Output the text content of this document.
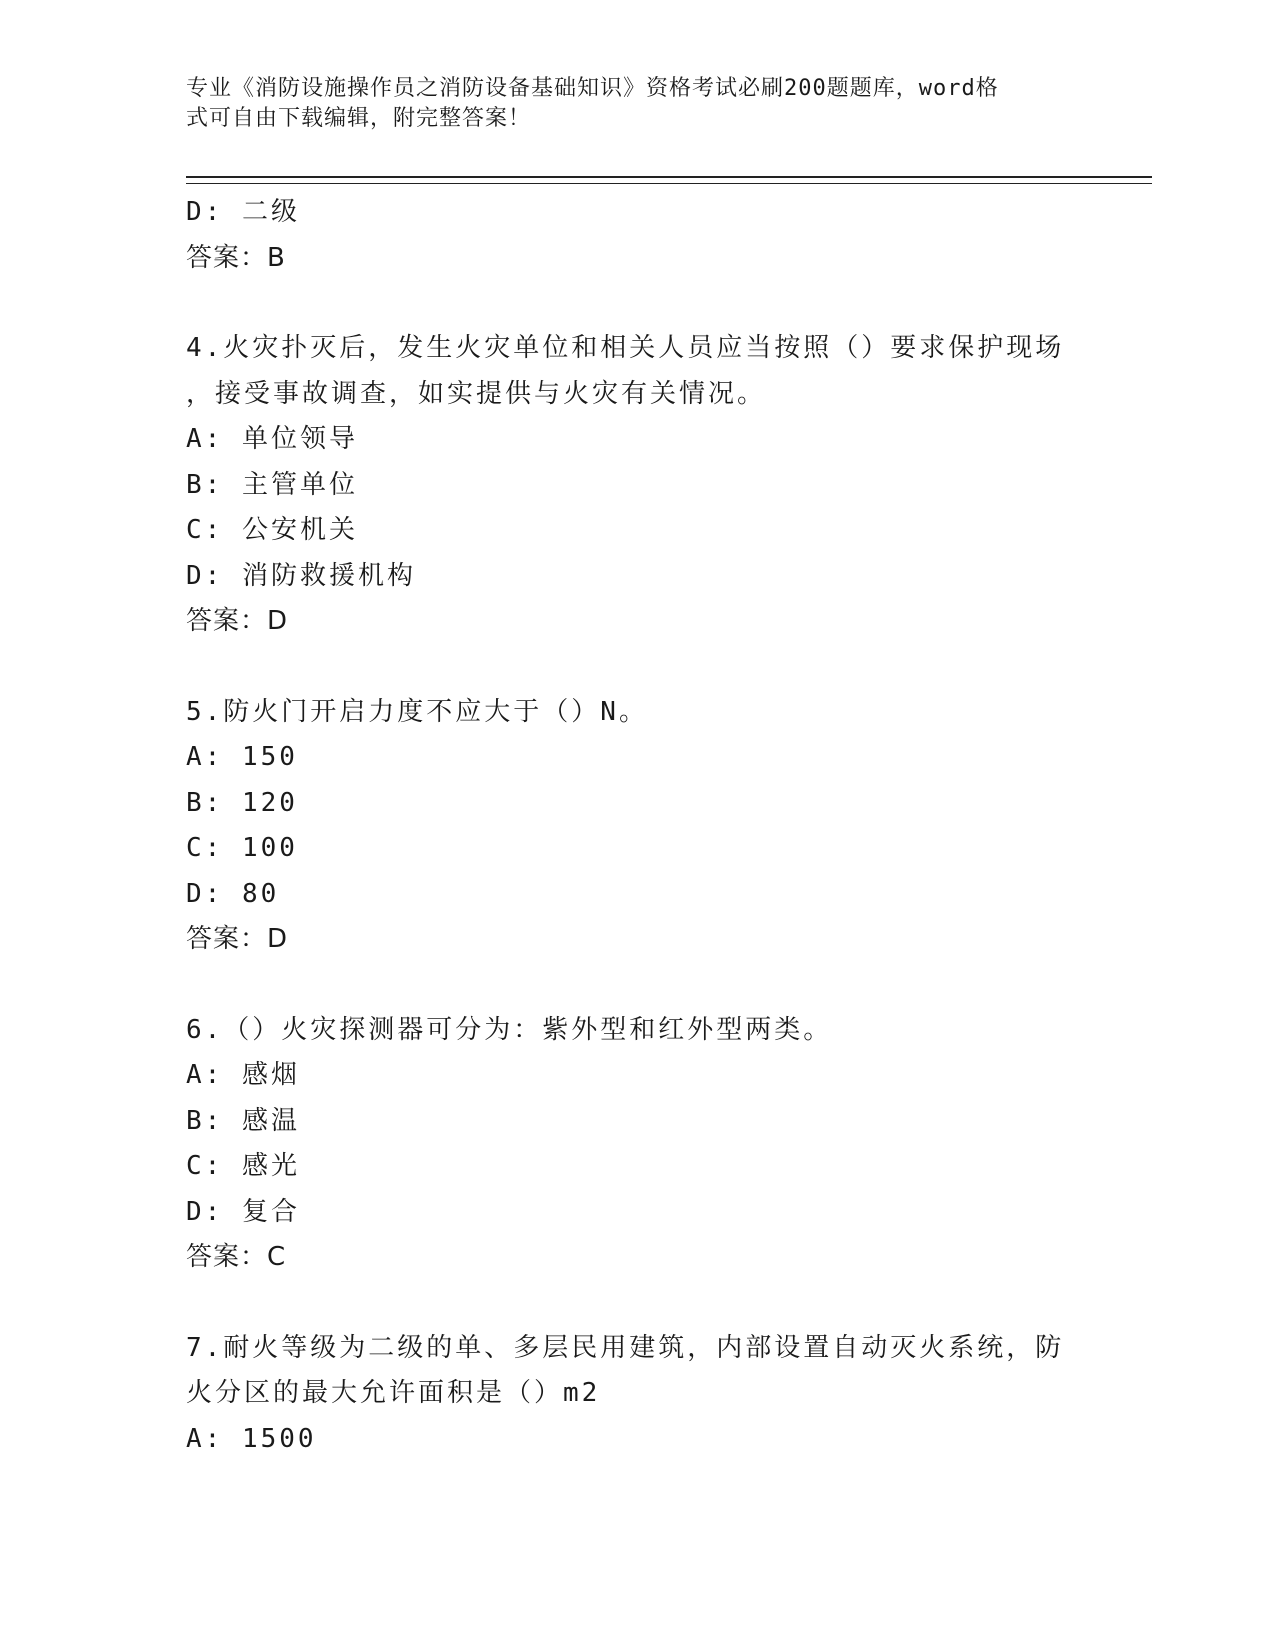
专业《消防设施操作员之消防设备基础知识》资格考试必刷200题题库，word格
式可自由下载编辑，附完整答案！
D: 二级
答案：B
4.火灾扑灭后，发生火灾单位和相关人员应当按照（）要求保护现场
，接受事故调查，如实提供与火灾有关情况。
A: 单位领导
B: 主管单位
C: 公安机关
D: 消防救援机构
答案：D
5.防火门开启力度不应大于（）N。
A: 150
B: 120
C: 100
D: 80
答案：D
6.（）火灾探测器可分为：紫外型和红外型两类。
A: 感烟
B: 感温
C: 感光
D: 复合
答案：C
7.耐火等级为二级的单、多层民用建筑，内部设置自动灭火系统，防
火分区的最大允许面积是（）m2
A: 1500
